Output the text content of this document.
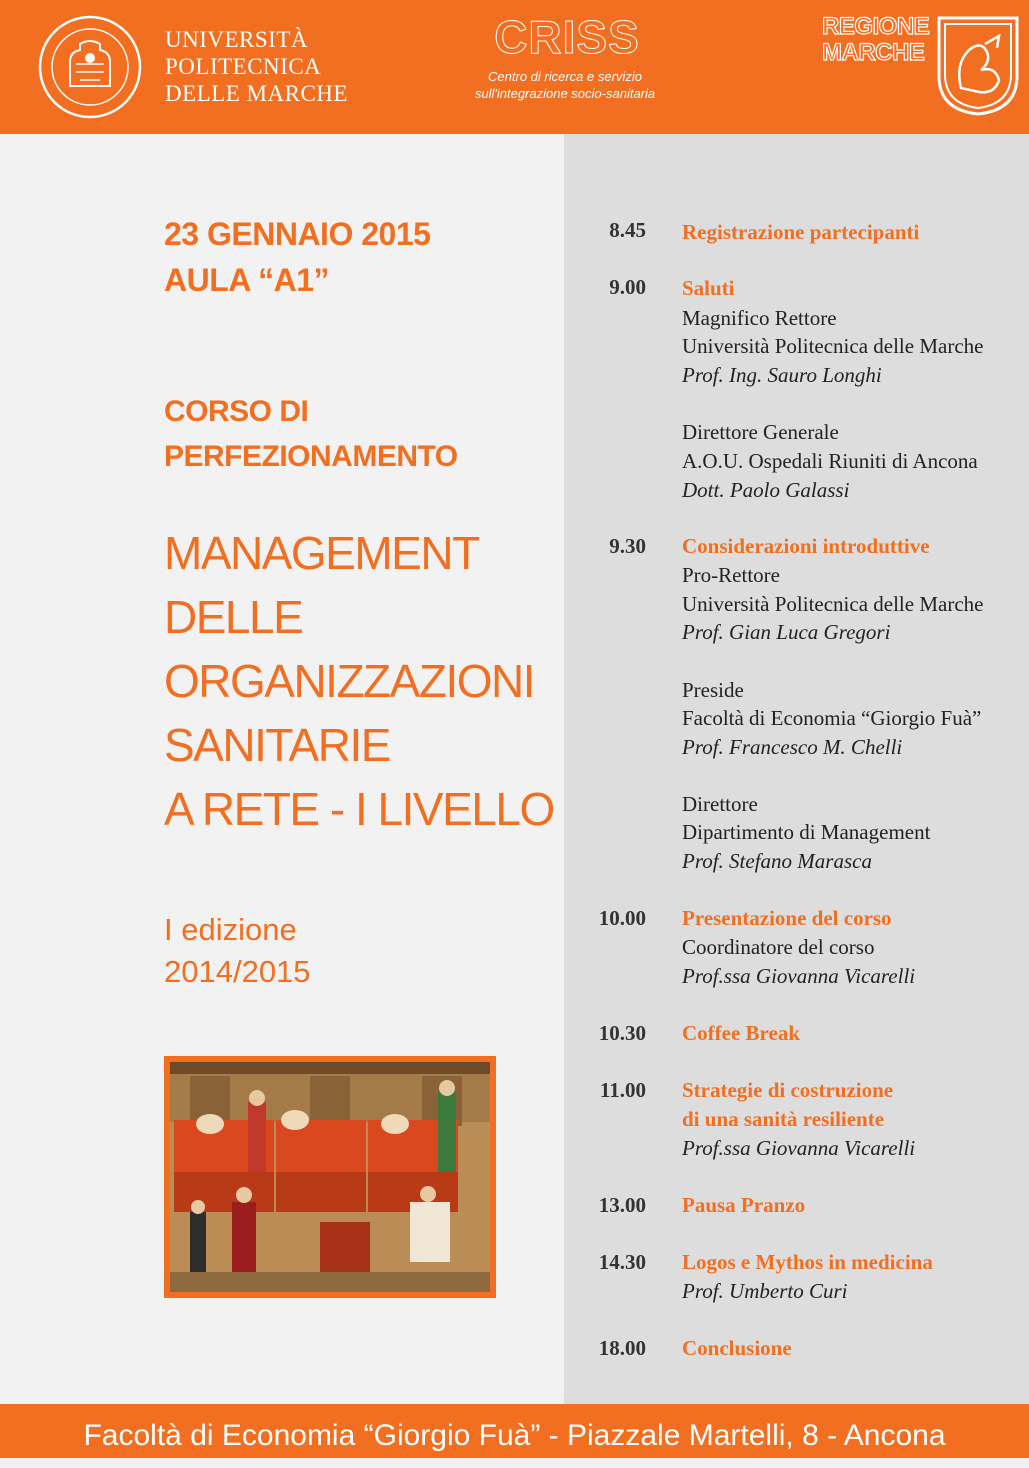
UNIVERSITÀ
POLITECNICA
DELLE MARCHE
CRISS
Centro di ricerca e servizio
sull'integrazione socio-sanitaria
REGIONE
MARCHE
23 GENNAIO 2015
AULA “A1”
CORSO DI
PERFEZIONAMENTO
MANAGEMENT
DELLE
ORGANIZZAZIONI
SANITARIE
A RETE - I LIVELLO
I edizione
2014/2015
8.45 Registrazione partecipanti
9.00 Saluti
Magnifico Rettore
Università Politecnica delle Marche
Prof. Ing. Sauro Longhi
Direttore Generale
A.O.U. Ospedali Riuniti di Ancona
Dott. Paolo Galassi
9.30 Considerazioni introduttive
Pro-Rettore
Università Politecnica delle Marche
Prof. Gian Luca Gregori
Preside
Facoltà di Economia “Giorgio Fuà”
Prof. Francesco M. Chelli
Direttore
Dipartimento di Management
Prof. Stefano Marasca
10.00 Presentazione del corso
Coordinatore del corso
Prof.ssa Giovanna Vicarelli
10.30 Coffee Break
11.00 Strategie di costruzione
di una sanità resiliente
Prof.ssa Giovanna Vicarelli
13.00 Pausa Pranzo
14.30 Logos e Mythos in medicina
Prof. Umberto Curi
18.00 Conclusione
Facoltà di Economia “Giorgio Fuà” - Piazzale Martelli, 8 - Ancona
